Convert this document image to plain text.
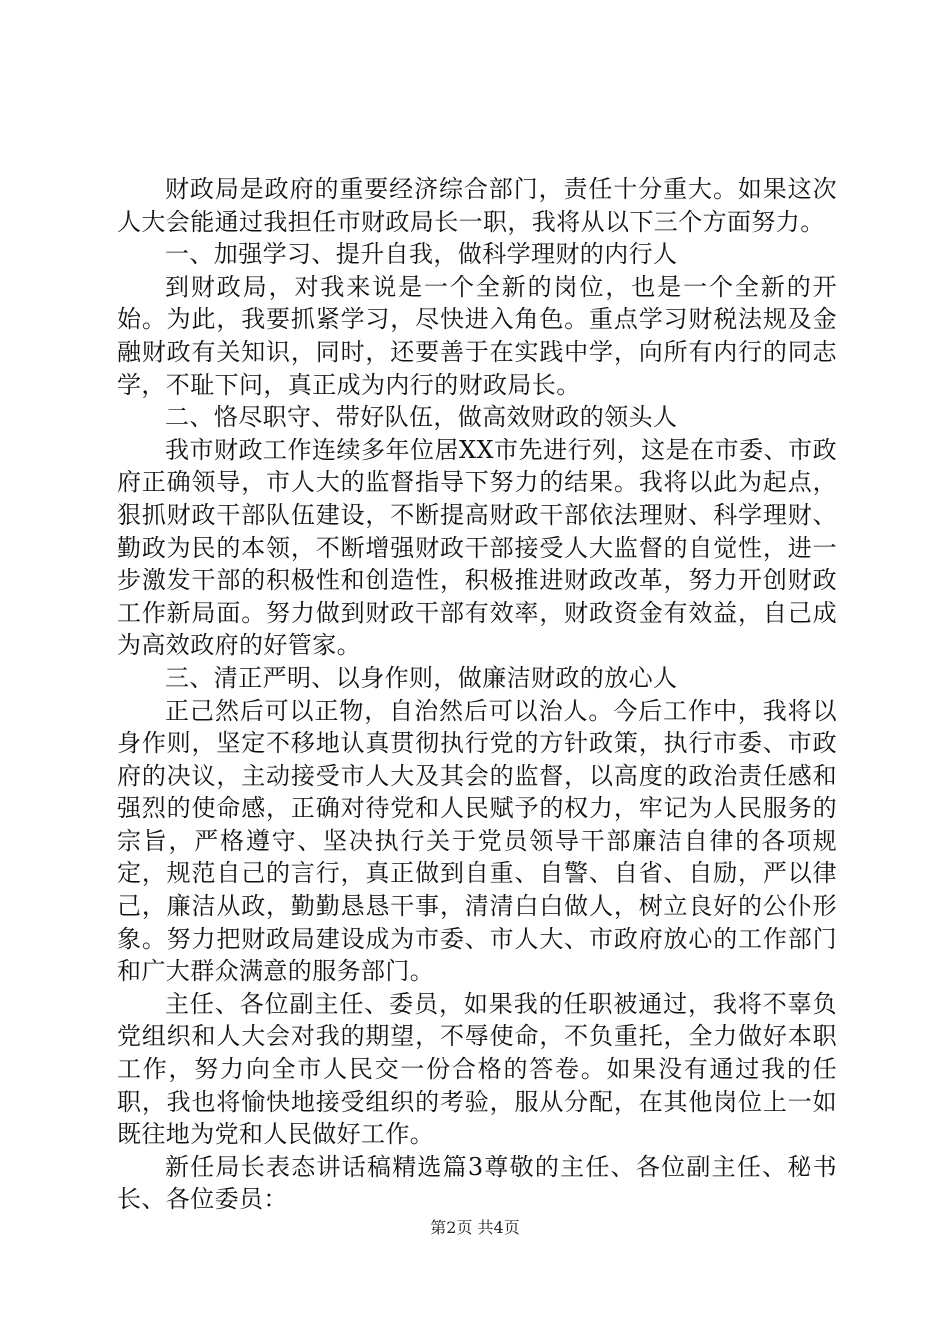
财政局是政府的重要经济综合部门，责任十分重大。如果这次人大会能通过我担任市财政局长一职，我将从以下三个方面努力。

一、加强学习、提升自我，做科学理财的内行人

到财政局，对我来说是一个全新的岗位，也是一个全新的开始。为此，我要抓紧学习，尽快进入角色。重点学习财税法规及金融财政有关知识，同时，还要善于在实践中学，向所有内行的同志学，不耻下问，真正成为内行的财政局长。

二、恪尽职守、带好队伍，做高效财政的领头人

我市财政工作连续多年位居XX市先进行列，这是在市委、市政府正确领导，市人大的监督指导下努力的结果。我将以此为起点，狠抓财政干部队伍建设，不断提高财政干部依法理财、科学理财、勤政为民的本领，不断增强财政干部接受人大监督的自觉性，进一步激发干部的积极性和创造性，积极推进财政改革，努力开创财政工作新局面。努力做到财政干部有效率，财政资金有效益，自己成为高效政府的好管家。

三、清正严明、以身作则，做廉洁财政的放心人

正己然后可以正物，自治然后可以治人。今后工作中，我将以身作则，坚定不移地认真贯彻执行党的方针政策，执行市委、市政府的决议，主动接受市人大及其会的监督，以高度的政治责任感和强烈的使命感，正确对待党和人民赋予的权力，牢记为人民服务的宗旨，严格遵守、坚决执行关于党员领导干部廉洁自律的各项规定，规范自己的言行，真正做到自重、自警、自省、自励，严以律己，廉洁从政，勤勤恳恳干事，清清白白做人，树立良好的公仆形象。努力把财政局建设成为市委、市人大、市政府放心的工作部门和广大群众满意的服务部门。

主任、各位副主任、委员，如果我的任职被通过，我将不辜负党组织和人大会对我的期望，不辱使命，不负重托，全力做好本职工作，努力向全市人民交一份合格的答卷。如果没有通过我的任职，我也将愉快地接受组织的考验，服从分配，在其他岗位上一如既往地为党和人民做好工作。

新任局长表态讲话稿精选篇3尊敬的主任、各位副主任、秘书长、各位委员：

第2页 共4页
